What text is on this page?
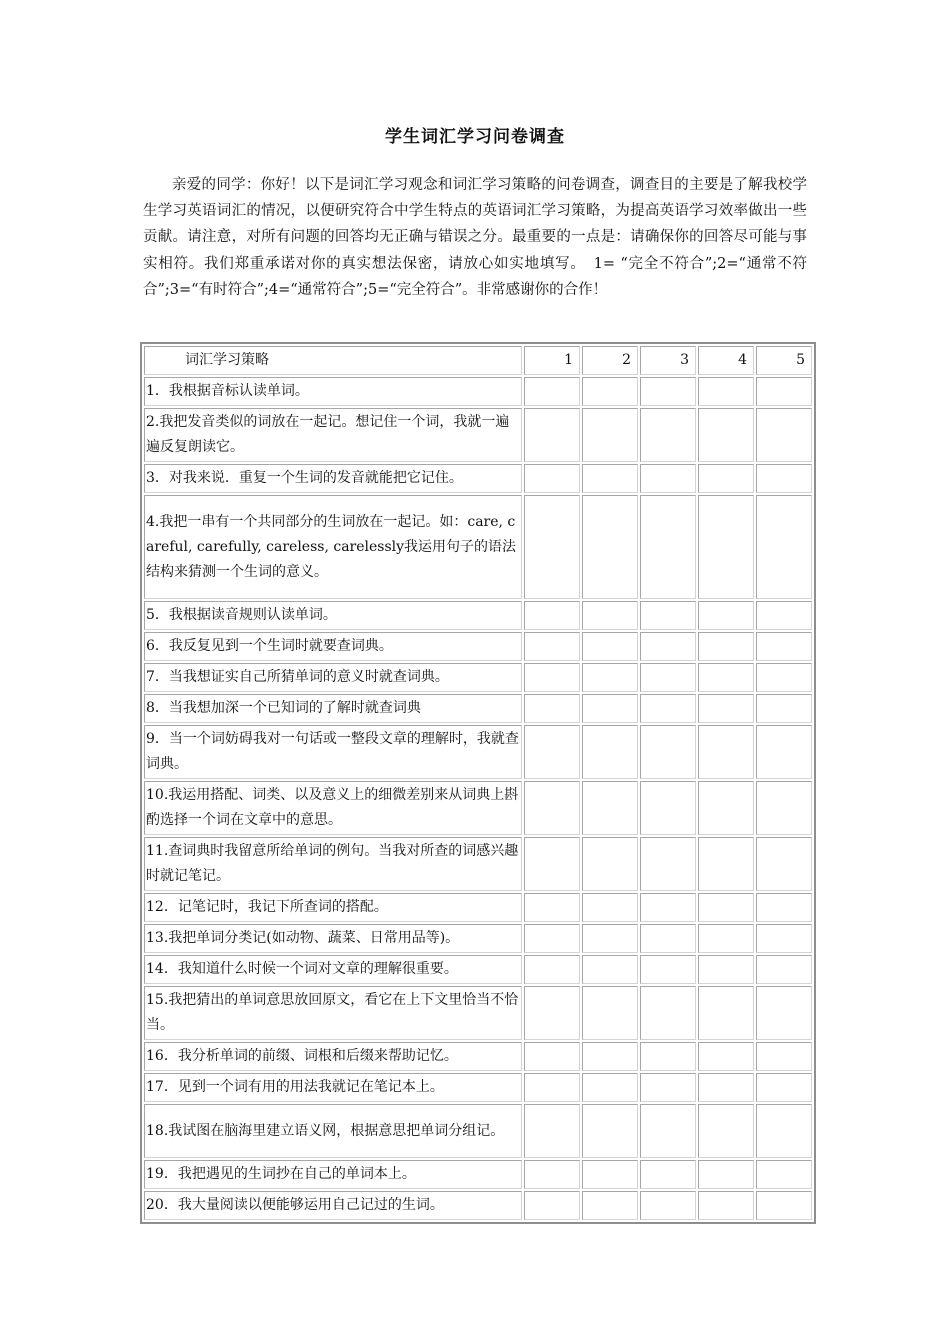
学生词汇学习问卷调查

亲爱的同学：你好！以下是词汇学习观念和词汇学习策略的问卷调查，调查目的主要是了解我校学生学习英语词汇的情况，以便研究符合中学生特点的英语词汇学习策略，为提高英语学习效率做出一些贡献。请注意，对所有问题的回答均无正确与错误之分。最重要的一点是：请确保你的回答尽可能与事实相符。我们郑重承诺对你的真实想法保密，请放心如实地填写。　1= “完全不符合”;2=“通常不符合”;3=“有时符合”;4=“通常符合”;5=“完全符合”。非常感谢你的合作！

词汇学习策略	1	2	3	4	5
1．我根据音标认读单词。					
2.我把发音类似的词放在一起记。想记住一个词，我就一遍遍反复朗读它。					
3．对我来说．重复一个生词的发音就能把它记住。					
4.我把一串有一个共同部分的生词放在一起记。如：care, careful, carefully, careless, carelessly我运用句子的语法结构来猜测一个生词的意义。					
5．我根据读音规则认读单词。					
6．我反复见到一个生词时就要查词典。					
7．当我想证实自己所猜单词的意义时就查词典。					
8．当我想加深一个已知词的了解时就查词典					
9．当一个词妨碍我对一句话或一整段文章的理解时，我就查词典。					
10.我运用搭配、词类、以及意义上的细微差别来从词典上斟酌选择一个词在文章中的意思。					
11.查词典时我留意所给单词的例句。当我对所查的词感兴趣时就记笔记。					
12．记笔记时，我记下所查词的搭配。					
13.我把单词分类记(如动物、蔬菜、日常用品等)。					
14．我知道什么时候一个词对文章的理解很重要。					
15.我把猜出的单词意思放回原文，看它在上下文里恰当不恰当。					
16．我分析单词的前缀、词根和后缀来帮助记忆。					
17．见到一个词有用的用法我就记在笔记本上。					
18.我试图在脑海里建立语义网，根据意思把单词分组记。					
19．我把遇见的生词抄在自己的单词本上。					
20．我大量阅读以便能够运用自己记过的生词。					
